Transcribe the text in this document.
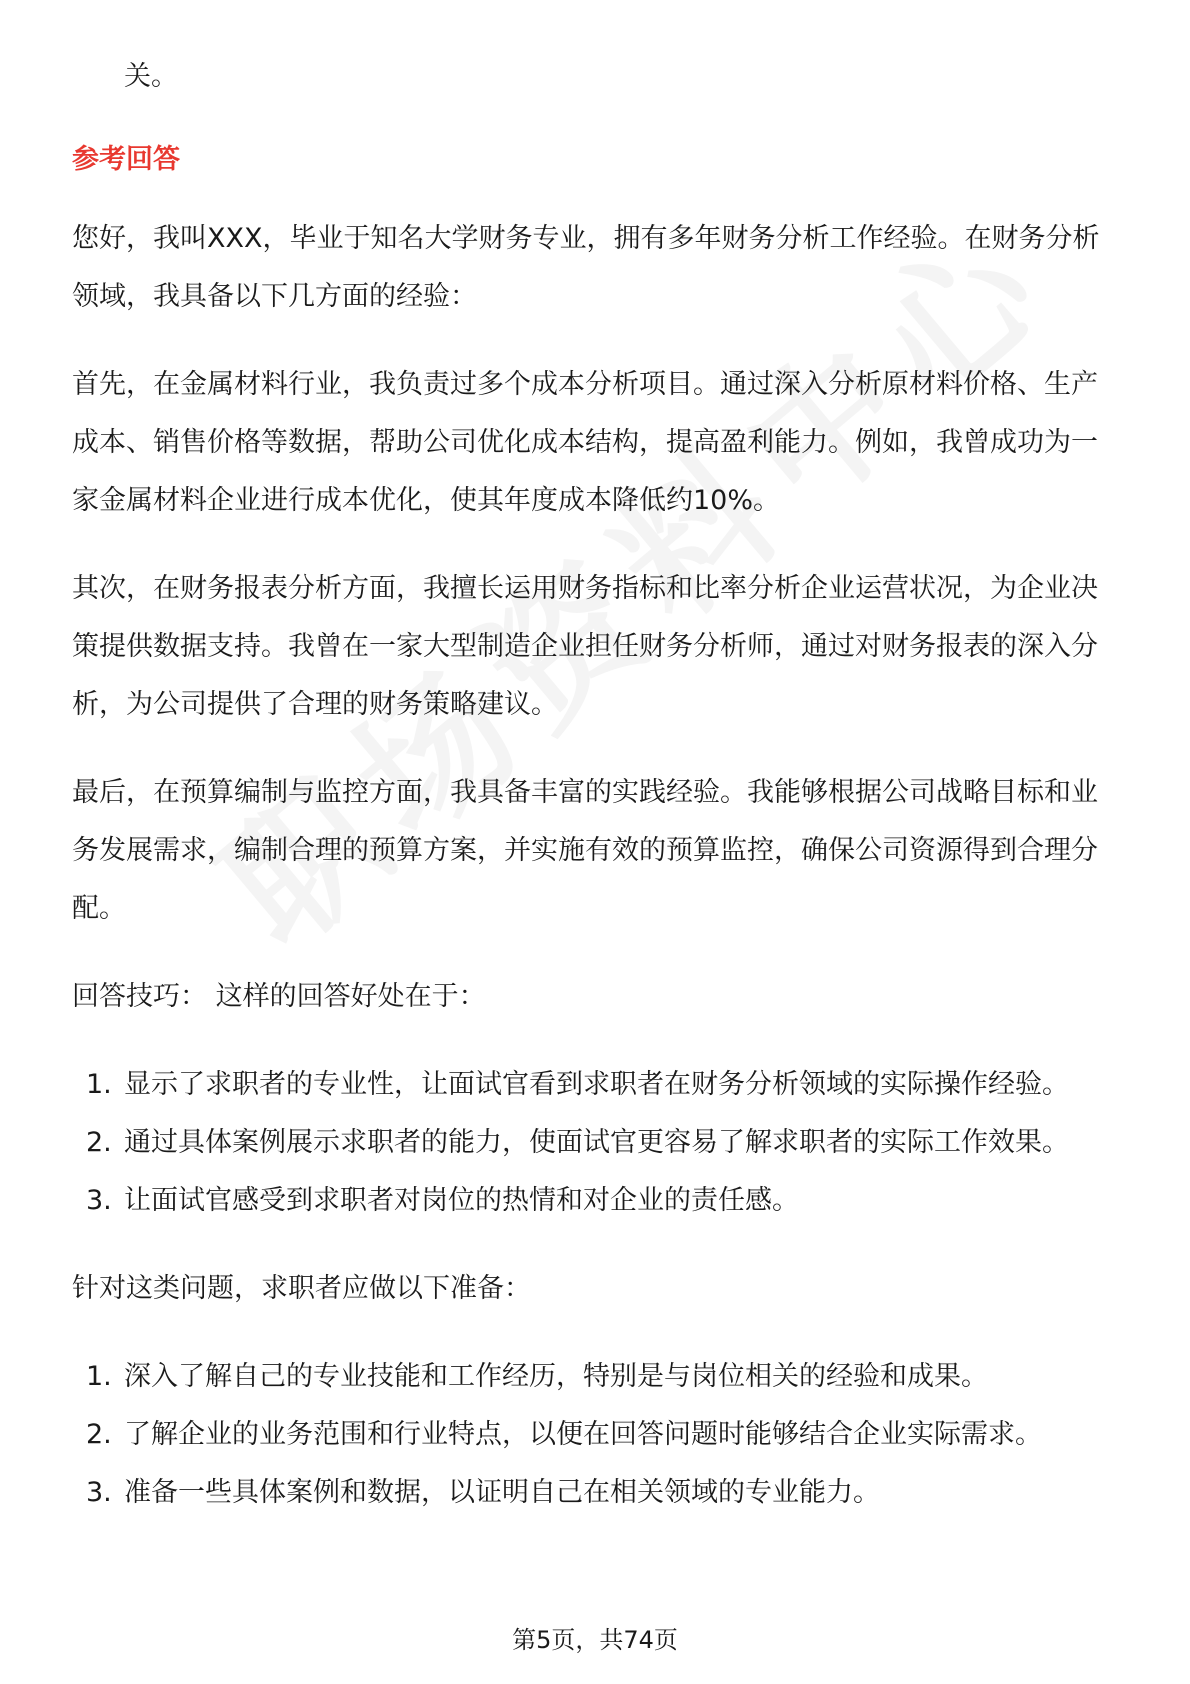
关。

参考回答

您好，我叫XXX，毕业于知名大学财务专业，拥有多年财务分析工作经验。在财务分析领域，我具备以下几方面的经验：

首先，在金属材料行业，我负责过多个成本分析项目。通过深入分析原材料价格、生产成本、销售价格等数据，帮助公司优化成本结构，提高盈利能力。例如，我曾成功为一家金属材料企业进行成本优化，使其年度成本降低约10%。

其次，在财务报表分析方面，我擅长运用财务指标和比率分析企业运营状况，为企业决策提供数据支持。我曾在一家大型制造企业担任财务分析师，通过对财务报表的深入分析，为公司提供了合理的财务策略建议。

最后，在预算编制与监控方面，我具备丰富的实践经验。我能够根据公司战略目标和业务发展需求，编制合理的预算方案，并实施有效的预算监控，确保公司资源得到合理分配。

回答技巧： 这样的回答好处在于：

1. 显示了求职者的专业性，让面试官看到求职者在财务分析领域的实际操作经验。
2. 通过具体案例展示求职者的能力，使面试官更容易了解求职者的实际工作效果。
3. 让面试官感受到求职者对岗位的热情和对企业的责任感。

针对这类问题，求职者应做以下准备：

1. 深入了解自己的专业技能和工作经历，特别是与岗位相关的经验和成果。
2. 了解企业的业务范围和行业特点，以便在回答问题时能够结合企业实际需求。
3. 准备一些具体案例和数据，以证明自己在相关领域的专业能力。
第5页，共74页
